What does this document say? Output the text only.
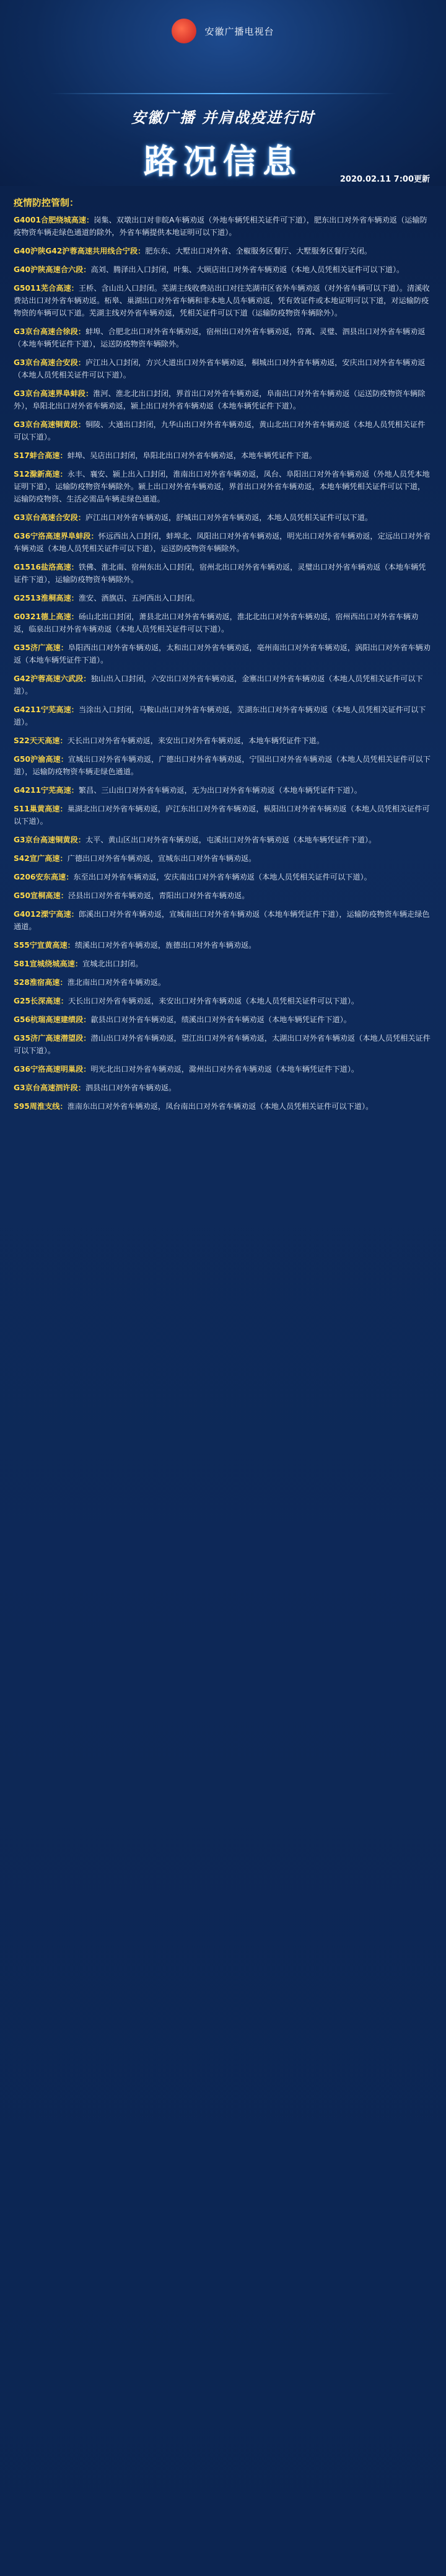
安徽广播电视台
安徽广播 并肩战疫进行时
路况信息	2020.02.11 7:00更新
疫情防控管制：
G4001合肥绕城高速：岗集、双墩出口对非皖A车辆劝返（外地车辆凭相关证件可下道），肥东出口对外省车辆劝返（运输防疫物资车辆走绿色通道的除外，外省车辆提供本地证明可以下道）。
G40沪陕G42沪蓉高速共用线合宁段：肥东东、大墅出口对外省、全椒服务区餐厅、大墅服务区餐厅关闭。
G40沪陕高速合六段：高刘、腾泽出入口封闭，叶集、大顾店出口对外省车辆劝返（本地人员凭相关证件可以下道）。
G5011芜合高速：王桥、含山出入口封闭。芜湖主线收费站出口对往芜湖市区省外车辆劝返（对外省车辆可以下道）。清溪收费站出口对外省车辆劝返。柘皋、巢湖出口对外省车辆和非本地人员车辆劝返，凭有效证件或本地证明可以下道，对运输防疫物资的车辆可以下道。芜湖主线对外省车辆劝返，凭相关证件可以下道（运输防疫物资车辆除外）。
G3京台高速合徐段：蚌埠、合肥北出口对外省车辆劝返，宿州出口对外省车辆劝返，符离、灵璧、泗县出口对外省车辆劝返（本地车辆凭证件下道），运送防疫物资车辆除外。
G3京台高速合安段：庐江出入口封闭，方兴大道出口对外省车辆劝返，桐城出口对外省车辆劝返，安庆出口对外省车辆劝返（本地人员凭相关证件可以下道）。
G3京台高速界阜蚌段：淮河、淮北北出口封闭，界首出口对外省车辆劝返，阜南出口对外省车辆劝返（运送防疫物资车辆除外），阜阳北出口对外省车辆劝返，颍上出口对外省车辆劝返（本地车辆凭证件下道）。
G3京台高速铜黄段：铜陵、大通出口封闭，九华山出口对外省车辆劝返，黄山北出口对外省车辆劝返（本地人员凭相关证件可以下道）。
S17蚌合高速：蚌埠、吴店出口封闭，阜阳北出口对外省车辆劝返，本地车辆凭证件下道。
S12滁新高速：永丰、襄安、颍上出入口封闭，淮南出口对外省车辆劝返，凤台、阜阳出口对外省车辆劝返（外地人员凭本地证明下道），运输防疫物资车辆除外。颍上出口对外省车辆劝返，界首出口对外省车辆劝返，本地车辆凭相关证件可以下道，运输防疫物资、生活必需品车辆走绿色通道。
G3京台高速合安段：庐江出口对外省车辆劝返，舒城出口对外省车辆劝返，本地人员凭相关证件可以下道。
G36宁洛高速界阜蚌段：怀远西出入口封闭，蚌埠北、凤阳出口对外省车辆劝返，明光出口对外省车辆劝返，定远出口对外省车辆劝返（本地人员凭相关证件可以下道），运送防疫物资车辆除外。
G1516盐洛高速：铁佛、淮北南、宿州东出入口封闭，宿州北出口对外省车辆劝返，灵璧出口对外省车辆劝返（本地车辆凭证件下道），运输防疫物资车辆除外。
G2513淮桐高速：淮安、酒旗店、五河西出入口封闭。
G0321德上高速：砀山北出口封闭，萧县北出口对外省车辆劝返，淮北北出口对外省车辆劝返，宿州西出口对外省车辆劝返，临泉出口对外省车辆劝返（本地人员凭相关证件可以下道）。
G35济广高速：阜阳西出口对外省车辆劝返，太和出口对外省车辆劝返，亳州南出口对外省车辆劝返，涡阳出口对外省车辆劝返（本地车辆凭证件下道）。
G42沪蓉高速六武段：独山出入口封闭，六安出口对外省车辆劝返，金寨出口对外省车辆劝返（本地人员凭相关证件可以下道）。
G4211宁芜高速：当涂出入口封闭，马鞍山出口对外省车辆劝返，芜湖东出口对外省车辆劝返（本地人员凭相关证件可以下道）。
S22天天高速：天长出口对外省车辆劝返，来安出口对外省车辆劝返，本地车辆凭证件下道。
G50沪渝高速：宣城出口对外省车辆劝返，广德出口对外省车辆劝返，宁国出口对外省车辆劝返（本地人员凭相关证件可以下道），运输防疫物资车辆走绿色通道。
G4211宁芜高速：繁昌、三山出口对外省车辆劝返，无为出口对外省车辆劝返（本地车辆凭证件下道）。
S11巢黄高速：巢湖北出口对外省车辆劝返，庐江东出口对外省车辆劝返，枞阳出口对外省车辆劝返（本地人员凭相关证件可以下道）。
G3京台高速铜黄段：太平、黄山区出口对外省车辆劝返，屯溪出口对外省车辆劝返（本地车辆凭证件下道）。
S42宣广高速：广德出口对外省车辆劝返，宣城东出口对外省车辆劝返。
G206安东高速：东至出口对外省车辆劝返，安庆南出口对外省车辆劝返（本地人员凭相关证件可以下道）。
G50宣桐高速：泾县出口对外省车辆劝返，青阳出口对外省车辆劝返。
G4012溧宁高速：郎溪出口对外省车辆劝返，宣城南出口对外省车辆劝返（本地车辆凭证件下道），运输防疫物资车辆走绿色通道。
S55宁宣黄高速：绩溪出口对外省车辆劝返，旌德出口对外省车辆劝返。
S81宣城绕城高速：宣城北出口封闭。
S28淮宿高速：淮北南出口对外省车辆劝返。
G25长深高速：天长出口对外省车辆劝返，来安出口对外省车辆劝返（本地人员凭相关证件可以下道）。
G56杭瑞高速建绩段：歙县出口对外省车辆劝返，绩溪出口对外省车辆劝返（本地车辆凭证件下道）。
G35济广高速潜望段：潜山出口对外省车辆劝返，望江出口对外省车辆劝返，太湖出口对外省车辆劝返（本地人员凭相关证件可以下道）。
G36宁洛高速明巢段：明光北出口对外省车辆劝返，滁州出口对外省车辆劝返（本地车辆凭证件下道）。
G3京台高速泗许段：泗县出口对外省车辆劝返。
S95周淮支线：淮南东出口对外省车辆劝返，凤台南出口对外省车辆劝返（本地人员凭相关证件可以下道）。
